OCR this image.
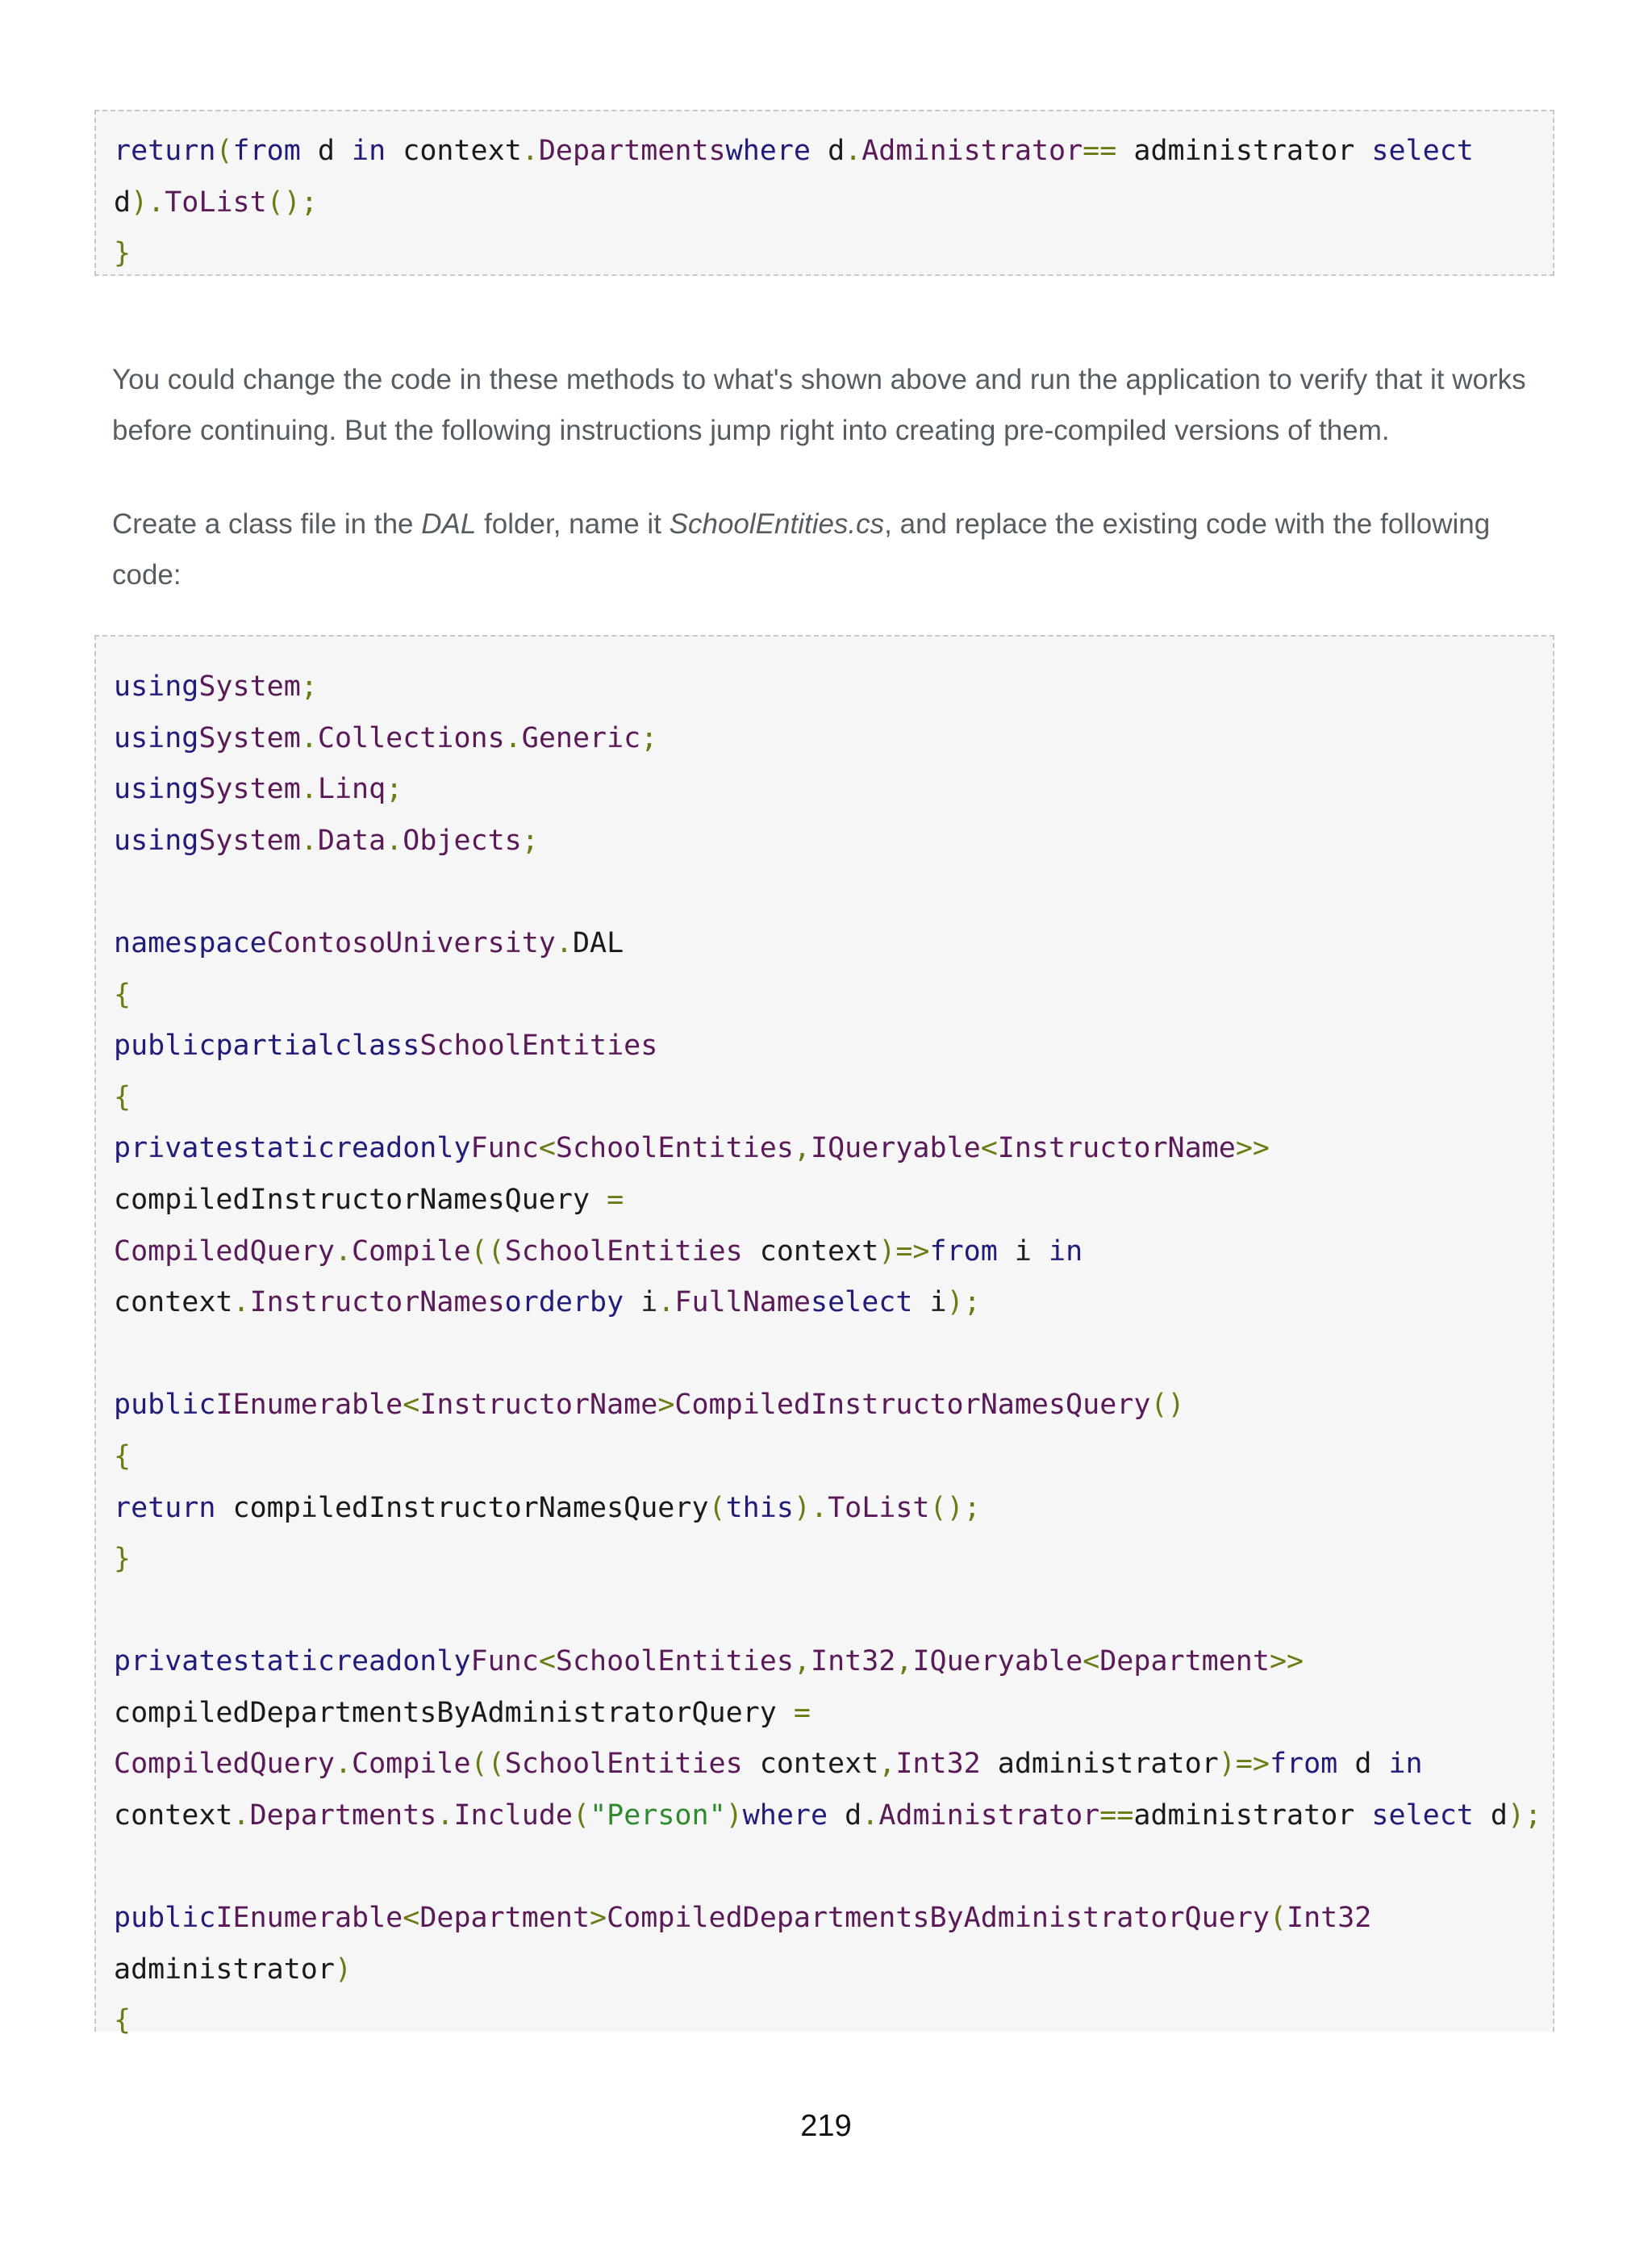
return(from d in context.Departmentswhere d.Administrator== administrator select
d).ToList();
}

You could change the code in these methods to what's shown above and run the application to verify that it works before continuing. But the following instructions jump right into creating pre-compiled versions of them.

Create a class file in the DAL folder, name it SchoolEntities.cs, and replace the existing code with the following code:

usingSystem;
usingSystem.Collections.Generic;
usingSystem.Linq;
usingSystem.Data.Objects;
namespaceContosoUniversity.DAL
{
publicpartialclassSchoolEntities
{
privatestaticreadonlyFunc<SchoolEntities,IQueryable<InstructorName>>
compiledInstructorNamesQuery =
CompiledQuery.Compile((SchoolEntities context)=>from i in
context.InstructorNamesorderby i.FullNameselect i);
publicIEnumerable<InstructorName>CompiledInstructorNamesQuery()
{
return compiledInstructorNamesQuery(this).ToList();
}
privatestaticreadonlyFunc<SchoolEntities,Int32,IQueryable<Department>>
compiledDepartmentsByAdministratorQuery =
CompiledQuery.Compile((SchoolEntities context,Int32 administrator)=>from d in
context.Departments.Include("Person")where d.Administrator==administrator select d);
publicIEnumerable<Department>CompiledDepartmentsByAdministratorQuery(Int32
administrator)
{
219
